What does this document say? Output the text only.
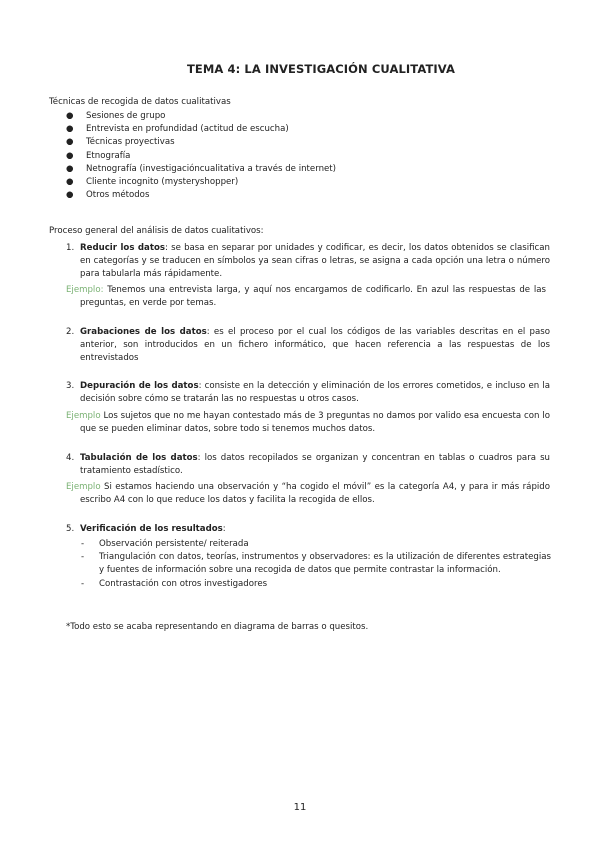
TEMA 4: LA INVESTIGACIÓN CUALITATIVA
Técnicas de recogida de datos cualitativas
● Sesiones de grupo
● Entrevista en profundidad (actitud de escucha)
● Técnicas proyectivas
● Etnografía
● Netnografía (investigacióncualitativa a través de internet)
● Cliente incognito (mysteryshopper)
● Otros métodos
Proceso general del análisis de datos cualitativos:
1. Reducir los datos: se basa en separar por unidades y codificar, es decir, los datos obtenidos se clasifican en categorías y se traducen en símbolos ya sean cifras o letras, se asigna a cada opción una letra o número para tabularla más rápidamente.
Ejemplo: Tenemos una entrevista larga, y aquí nos encargamos de codificarlo. En azul las respuestas de las preguntas, en verde por temas.
2. Grabaciones de los datos: es el proceso por el cual los códigos de las variables descritas en el paso anterior, son introducidos en un fichero informático, que hacen referencia a las respuestas de los entrevistados
3. Depuración de los datos: consiste en la detección y eliminación de los errores cometidos, e incluso en la decisión sobre cómo se tratarán las no respuestas u otros casos.
Ejemplo Los sujetos que no me hayan contestado más de 3 preguntas no damos por valido esa encuesta con lo que se pueden eliminar datos, sobre todo si tenemos muchos datos.
4. Tabulación de los datos: los datos recopilados se organizan y concentran en tablas o cuadros para su tratamiento estadístico.
Ejemplo Si estamos haciendo una observación y “ha cogido el móvil” es la categoría A4, y para ir más rápido escribo A4 con lo que reduce los datos y facilita la recogida de ellos.
5. Verificación de los resultados:
- Observación persistente/ reiterada
- Triangulación con datos, teorías, instrumentos y observadores: es la utilización de diferentes estrategias y fuentes de información sobre una recogida de datos que permite contrastar la información.
- Contrastación con otros investigadores
*Todo esto se acaba representando en diagrama de barras o quesitos.
11
